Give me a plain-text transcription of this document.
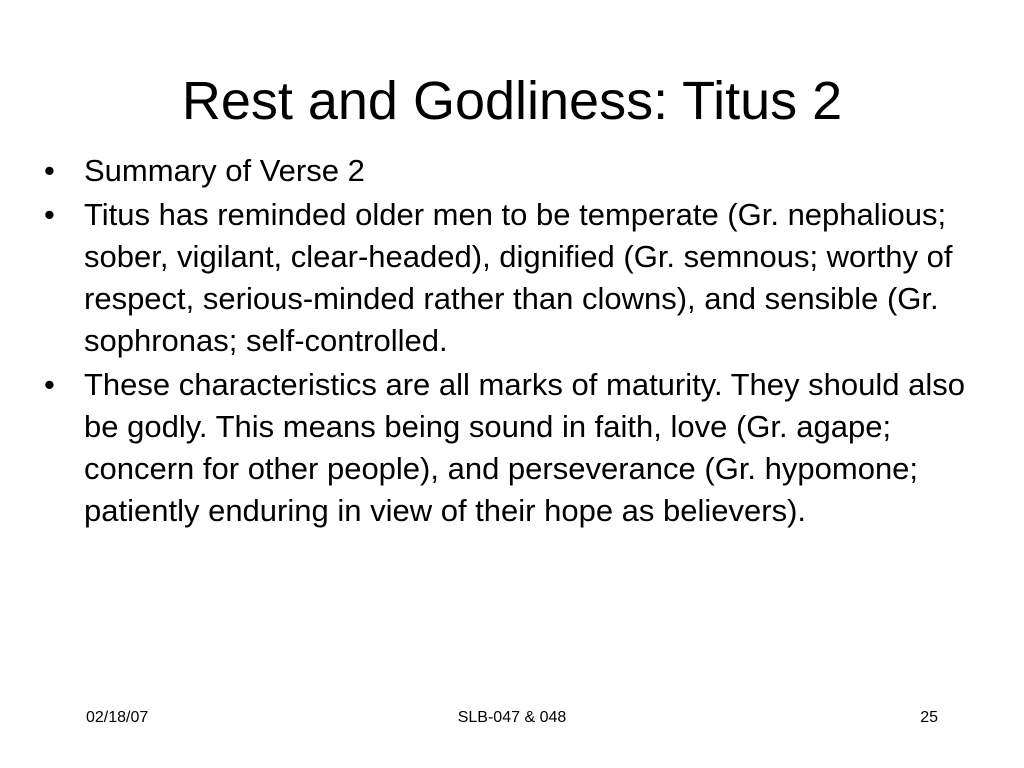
Rest and Godliness: Titus 2
• Summary of Verse 2
• Titus has reminded older men to be temperate (Gr. nephalious; sober, vigilant, clear-headed), dignified (Gr. semnous; worthy of respect, serious-minded rather than clowns), and sensible (Gr. sophronas; self-controlled.
• These characteristics are all marks of maturity. They should also be godly. This means being sound in faith, love (Gr. agape; concern for other people), and perseverance (Gr. hypomone; patiently enduring in view of their hope as believers).
02/18/07	SLB-047 & 048	25
